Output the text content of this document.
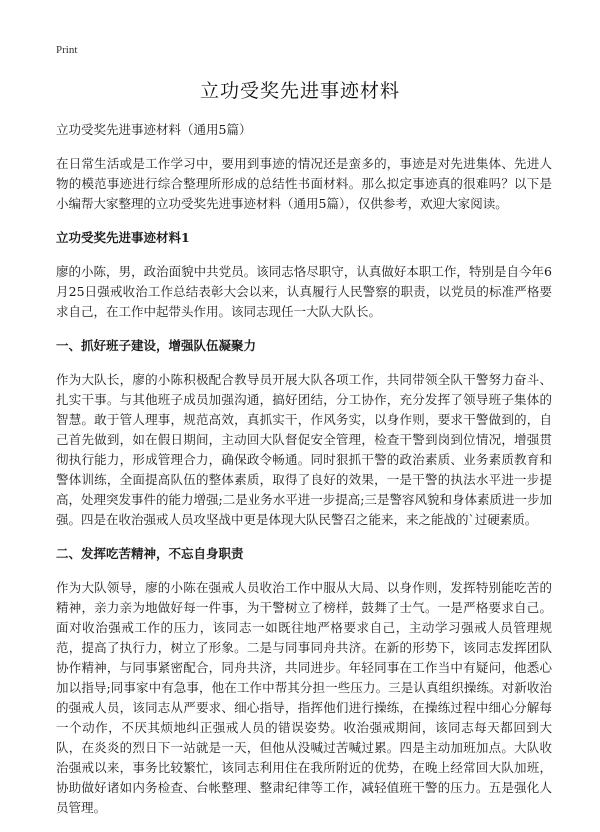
Print
立功受奖先进事迹材料
立功受奖先进事迹材料（通用5篇）

在日常生活或是工作学习中，要用到事迹的情况还是蛮多的，事迹是对先进集体、先进人物的模范事迹进行综合整理所形成的总结性书面材料。那么拟定事迹真的很难吗？以下是小编帮大家整理的立功受奖先进事迹材料（通用5篇），仅供参考，欢迎大家阅读。

立功受奖先进事迹材料1

廖的小陈，男，政治面貌中共党员。该同志恪尽职守，认真做好本职工作，特别是自今年6月25日强戒收治工作总结表彰大会以来，认真履行人民警察的职责，以党员的标准严格要求自己，在工作中起带头作用。该同志现任一大队大队长。

一、抓好班子建设，增强队伍凝聚力

作为大队长，廖的小陈积极配合教导员开展大队各项工作，共同带领全队干警努力奋斗、扎实干事。与其他班子成员加强沟通，搞好团结，分工协作，充分发挥了领导班子集体的智慧。敢于管人理事，规范高效，真抓实干，作风务实，以身作则，要求干警做到的，自己首先做到，如在假日期间，主动回大队督促安全管理，检查干警到岗到位情况，增强贯彻执行能力，形成管理合力，确保政令畅通。同时狠抓干警的政治素质、业务素质教育和警体训练，全面提高队伍的整体素质，取得了良好的效果，一是干警的执法水平进一步提高，处理突发事件的能力增强;二是业务水平进一步提高;三是警容风貌和身体素质进一步加强。四是在收治强戒人员攻坚战中更是体现大队民警召之能来，来之能战的`过硬素质。

二、发挥吃苦精神，不忘自身职责

作为大队领导，廖的小陈在强戒人员收治工作中服从大局、以身作则，发挥特别能吃苦的精神，亲力亲为地做好每一件事，为干警树立了榜样，鼓舞了士气。一是严格要求自己。面对收治强戒工作的压力，该同志一如既往地严格要求自己，主动学习强戒人员管理规范，提高了执行力，树立了形象。二是与同事同舟共济。在新的形势下，该同志发挥团队协作精神，与同事紧密配合，同舟共济，共同进步。年轻同事在工作当中有疑问，他悉心加以指导;同事家中有急事，他在工作中帮其分担一些压力。三是认真组织操练。对新收治的强戒人员，该同志从严要求、细心指导，指挥他们进行操练，在操练过程中细心分解每一个动作，不厌其烦地纠正强戒人员的错误姿势。收治强戒期间，该同志每天都回到大队，在炎炎的烈日下一站就是一天，但他从没喊过苦喊过累。四是主动加班加点。大队收治强戒以来，事务比较繁忙，该同志利用住在我所附近的优势，在晚上经常回大队加班，协助做好诸如内务检查、台帐整理、整肃纪律等工作，减轻值班干警的压力。五是强化人员管理。
